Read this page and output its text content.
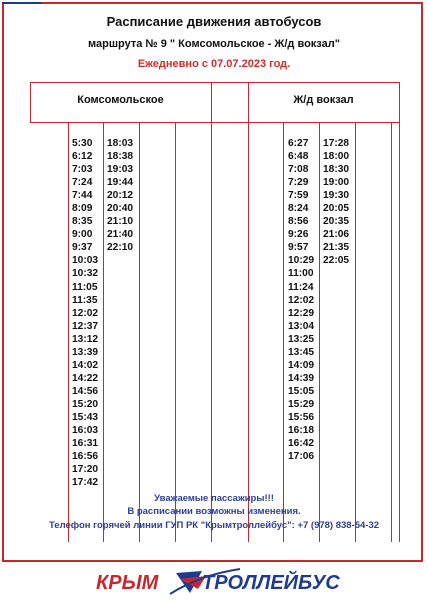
Расписание движения автобусов
маршрута № 9 " Комсомольское - Ж/д вокзал"
Ежедневно с 07.07.2023 год.
Комсомольское	Ж/д вокзал
5:30
6:12
7:03
7:24
7:44
8:09
8:35
9:00
9:37
10:03
10:32
11:05
11:35
12:02
12:37
13:12
13:39
14:02
14:22
14:56
15:20
15:43
16:03
16:31
16:56
17:20
17:42
18:03
18:38
19:03
19:44
20:12
20:40
21:10
21:40
22:10
6:27
6:48
7:08
7:29
7:59
8:24
8:56
9:26
9:57
10:29
11:00
11:24
12:02
12:29
13:04
13:25
13:45
14:09
14:39
15:05
15:29
15:56
16:18
16:42
17:06
17:28
18:00
18:30
19:00
19:30
20:05
20:35
21:06
21:35
22:05
Уважаемые пассажиры!!!
В расписании возможны изменения.
Телефон горячей линии ГУП РК "Крымтроллейбус": +7 (978) 838-54-32
КРЫМ ТРОЛЛЕЙБУС
